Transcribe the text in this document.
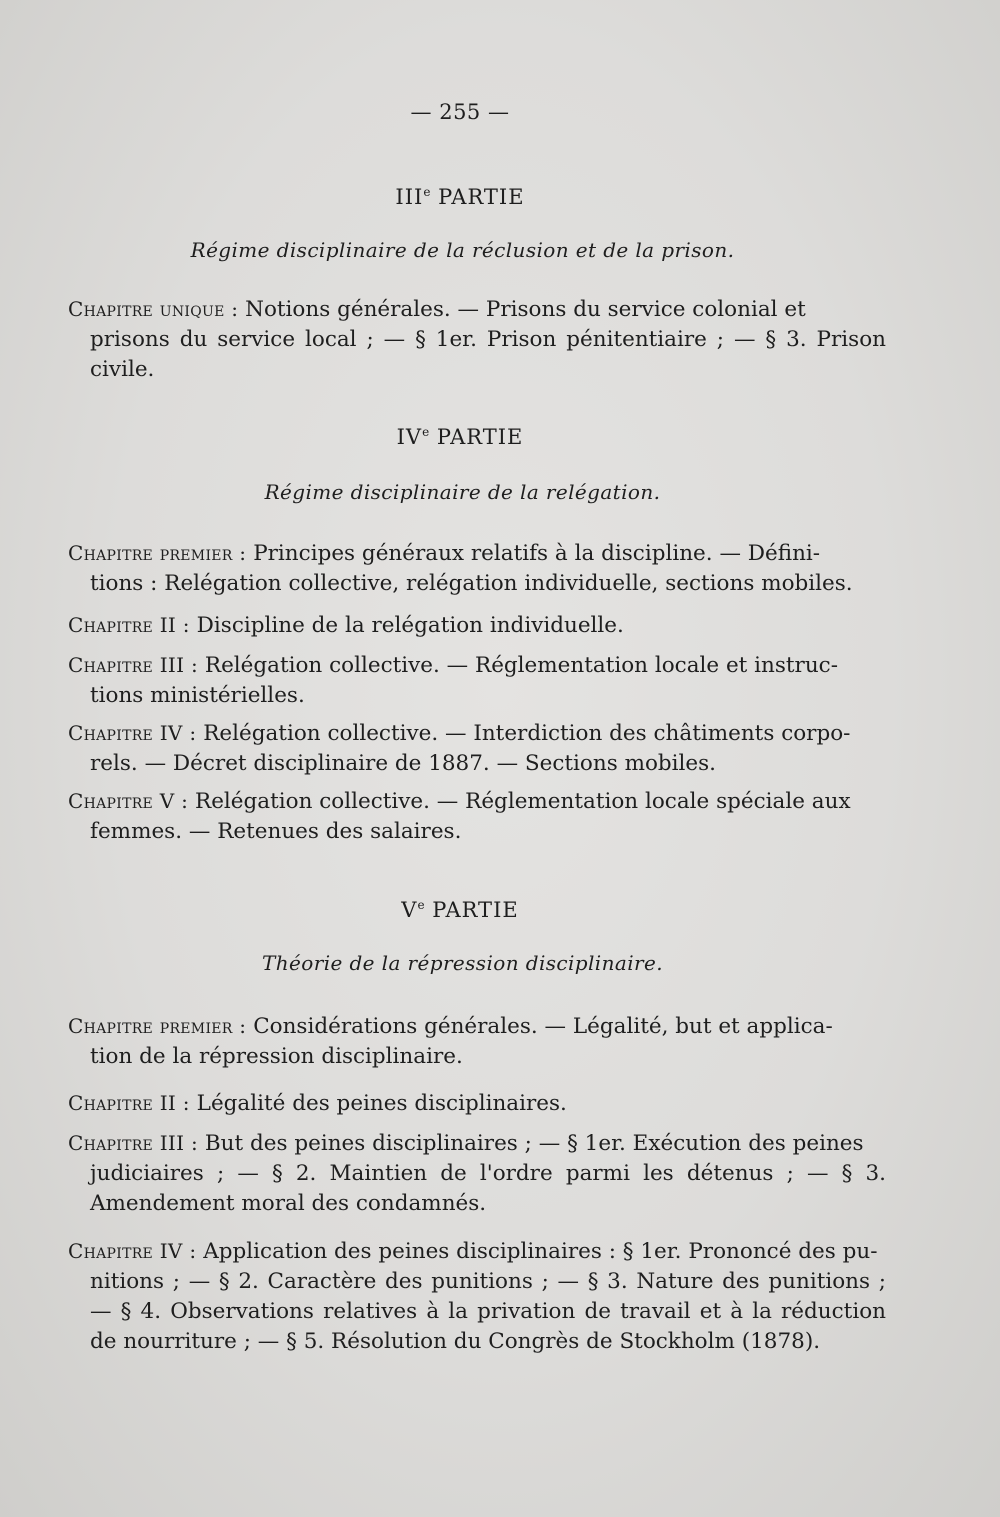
— 255 —
IIIe PARTIE
Régime disciplinaire de la réclusion et de la prison.
Chapitre unique : Notions générales. — Prisons du service colonial et
prisons du service local ; — § 1er. Prison pénitentiaire ; — § 3. Prison civile.
IVe PARTIE
Régime disciplinaire de la relégation.
Chapitre premier : Principes généraux relatifs à la discipline. — Défini-
tions : Relégation collective, relégation individuelle, sections mobiles.
Chapitre II : Discipline de la relégation individuelle.
Chapitre III : Relégation collective. — Réglementation locale et instruc-
tions ministérielles.
Chapitre IV : Relégation collective. — Interdiction des châtiments corpo-
rels. — Décret disciplinaire de 1887. — Sections mobiles.
Chapitre V : Relégation collective. — Réglementation locale spéciale aux
femmes. — Retenues des salaires.
Ve PARTIE
Théorie de la répression disciplinaire.
Chapitre premier : Considérations générales. — Légalité, but et applica-
tion de la répression disciplinaire.
Chapitre II : Légalité des peines disciplinaires.
Chapitre III : But des peines disciplinaires ; — § 1er. Exécution des peines
judiciaires ; — § 2. Maintien de l'ordre parmi les détenus ; — § 3. Amendement moral des condamnés.
Chapitre IV : Application des peines disciplinaires : § 1er. Prononcé des pu-
nitions ; — § 2. Caractère des punitions ; — § 3. Nature des punitions ; — § 4. Observations relatives à la privation de travail et à la réduction de nourriture ; — § 5. Résolution du Congrès de Stockholm (1878).
